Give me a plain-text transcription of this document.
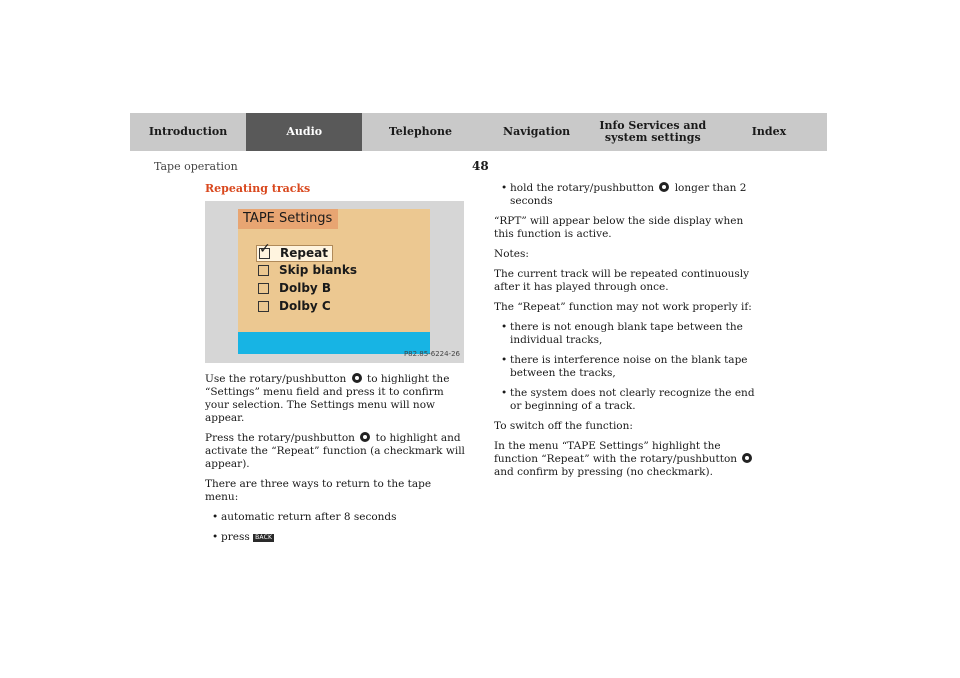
Introduction	Audio	Telephone	Navigation	Info Services and system settings	Index
Tape operation	48
Repeating tracks
TAPE Settings
✓ Repeat
Skip blanks
Dolby B
Dolby C
P82.85-6224-26

Use the rotary/pushbutton to highlight the “Settings” menu field and press it to confirm your selection. The Settings menu will now appear.

Press the rotary/pushbutton to highlight and activate the “Repeat” function (a checkmark will appear).

There are three ways to return to the tape menu:

• automatic return after 8 seconds
• press BACK
• hold the rotary/pushbutton longer than 2 seconds

“RPT” will appear below the side display when this function is active.

Notes:

The current track will be repeated continuously after it has played through once.

The “Repeat” function may not work properly if:

• there is not enough blank tape between the individual tracks,
• there is interference noise on the blank tape between the tracks,
• the system does not clearly recognize the end or beginning of a track.

To switch off the function:

In the menu “TAPE Settings” highlight the function “Repeat” with the rotary/pushbutton  and confirm by pressing (no checkmark).
